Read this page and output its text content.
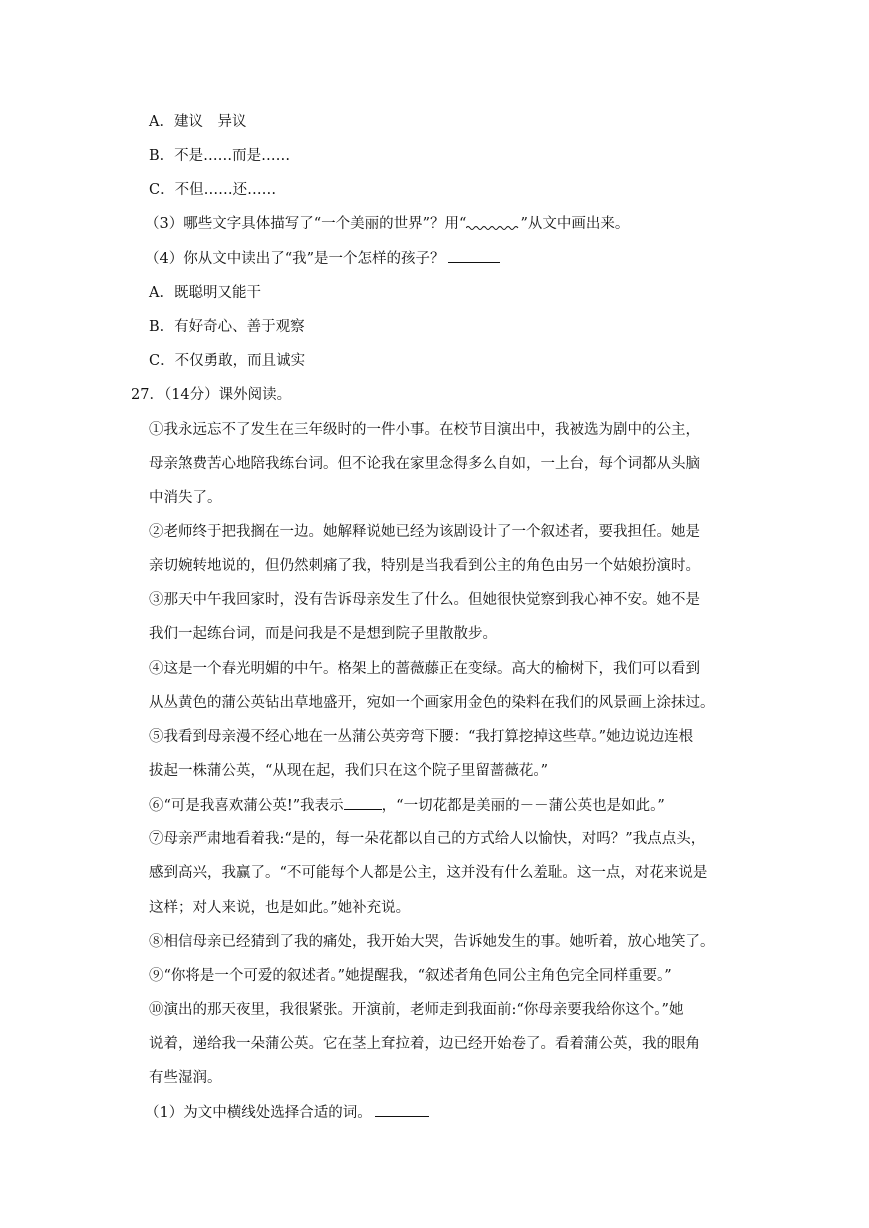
A．建议　异议
B．不是……而是……
C．不但……还……
（3）哪些文字具体描写了“一个美丽的世界”？用“	”从文中画出来。
（4）你从文中读出了“我”是一个怎样的孩子？
A．既聪明又能干
B．有好奇心、善于观察
C．不仅勇敢，而且诚实
27．（14分）课外阅读。
①我永远忘不了发生在三年级时的一件小事。在校节目演出中，我被选为剧中的公主，
母亲煞费苦心地陪我练台词。但不论我在家里念得多么自如，一上台，每个词都从头脑
中消失了。
②老师终于把我搁在一边。她解释说她已经为该剧设计了一个叙述者，要我担任。她是
亲切婉转地说的，但仍然刺痛了我，特别是当我看到公主的角色由另一个姑娘扮演时。
③那天中午我回家时，没有告诉母亲发生了什么。但她很快觉察到我心神不安。她不是
我们一起练台词，而是问我是不是想到院子里散散步。
④这是一个春光明媚的中午。格架上的蔷薇藤正在变绿。高大的榆树下，我们可以看到
从丛黄色的蒲公英钻出草地盛开，宛如一个画家用金色的染料在我们的风景画上涂抹过。
⑤我看到母亲漫不经心地在一丛蒲公英旁弯下腰：“我打算挖掉这些草。”她边说边连根
拔起一株蒲公英，“从现在起，我们只在这个院子里留蔷薇花。”
⑥“可是我喜欢蒲公英!”我表示	，“一切花都是美丽的－－蒲公英也是如此。”
⑦母亲严肃地看着我:“是的，每一朵花都以自己的方式给人以愉快，对吗？”我点点头，
感到高兴，我赢了。“不可能每个人都是公主，这并没有什么羞耻。这一点，对花来说是
这样；对人来说，也是如此。”她补充说。
⑧相信母亲已经猜到了我的痛处，我开始大哭，告诉她发生的事。她听着，放心地笑了。
⑨“你将是一个可爱的叙述者。”她提醒我，“叙述者角色同公主角色完全同样重要。”
⑩演出的那天夜里，我很紧张。开演前，老师走到我面前:“你母亲要我给你这个。”她
说着，递给我一朵蒲公英。它在茎上耷拉着，边已经开始卷了。看着蒲公英，我的眼角
有些湿润。
（1）为文中横线处选择合适的词。
